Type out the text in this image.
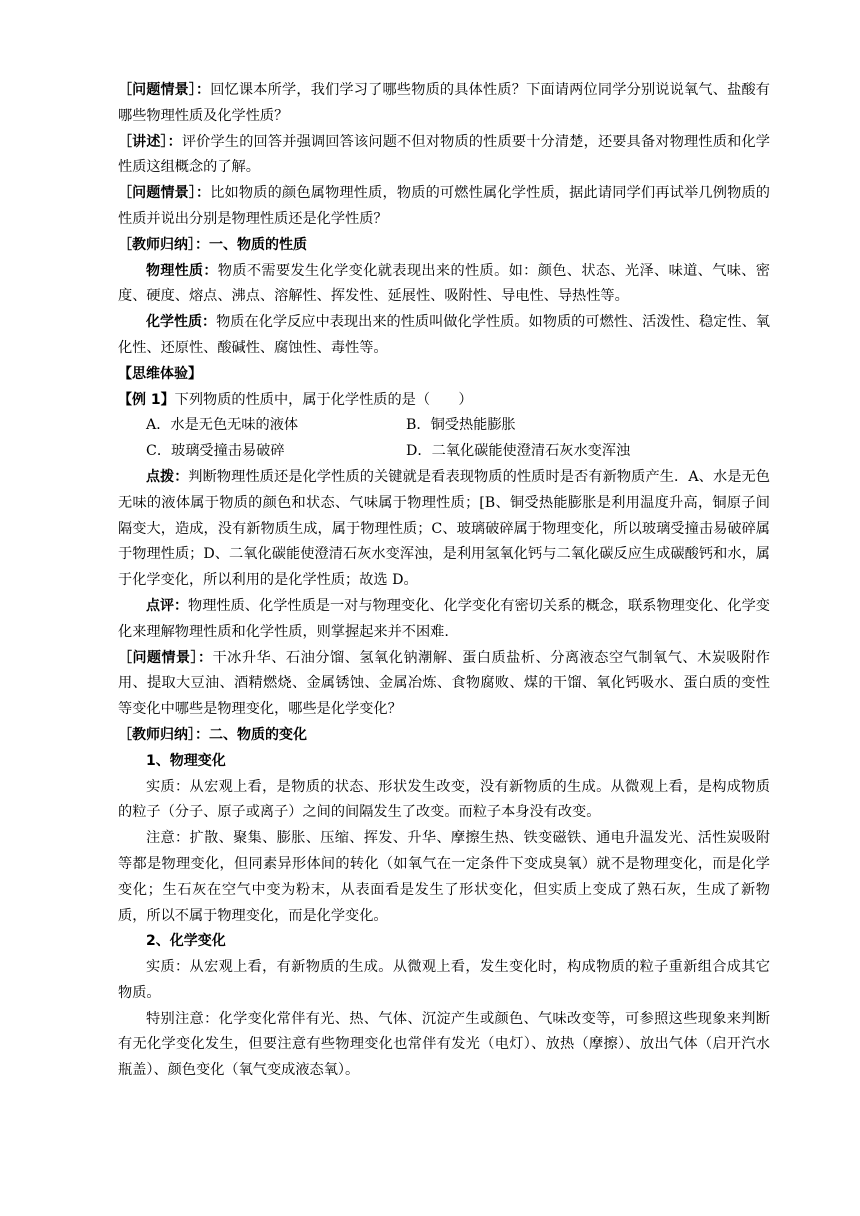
［问题情景］：回忆课本所学，我们学习了哪些物质的具体性质？下面请两位同学分别说说氧气、盐酸有哪些物理性质及化学性质？

［讲述］：评价学生的回答并强调回答该问题不但对物质的性质要十分清楚，还要具备对物理性质和化学性质这组概念的了解。

［问题情景］：比如物质的颜色属物理性质，物质的可燃性属化学性质，据此请同学们再试举几例物质的性质并说出分别是物理性质还是化学性质？

［教师归纳］：一、物质的性质

物理性质：物质不需要发生化学变化就表现出来的性质。如：颜色、状态、光泽、味道、气味、密度、硬度、熔点、沸点、溶解性、挥发性、延展性、吸附性、导电性、导热性等。

化学性质：物质在化学反应中表现出来的性质叫做化学性质。如物质的可燃性、活泼性、稳定性、氧化性、还原性、酸碱性、腐蚀性、毒性等。

【思维体验】

【例 1】下列物质的性质中，属于化学性质的是（　　）

A．水是无色无味的液体	B．铜受热能膨胀
C．玻璃受撞击易破碎	D．二氧化碳能使澄清石灰水变浑浊

点拨：判断物理性质还是化学性质的关键就是看表现物质的性质时是否有新物质产生．A、水是无色无味的液体属于物质的颜色和状态、气味属于物理性质；[B、铜受热能膨胀是利用温度升高，铜原子间隔变大，造成，没有新物质生成，属于物理性质；C、玻璃破碎属于物理变化，所以玻璃受撞击易破碎属于物理性质；D、二氧化碳能使澄清石灰水变浑浊，是利用氢氧化钙与二氧化碳反应生成碳酸钙和水，属于化学变化，所以利用的是化学性质；故选 D。

点评：物理性质、化学性质是一对与物理变化、化学变化有密切关系的概念，联系物理变化、化学变化来理解物理性质和化学性质，则掌握起来并不困难.

［问题情景］：干冰升华、石油分馏、氢氧化钠潮解、蛋白质盐析、分离液态空气制氧气、木炭吸附作用、提取大豆油、酒精燃烧、金属锈蚀、金属冶炼、食物腐败、煤的干馏、氧化钙吸水、蛋白质的变性等变化中哪些是物理变化，哪些是化学变化？

［教师归纳］：二、物质的变化

1、物理变化

实质：从宏观上看，是物质的状态、形状发生改变，没有新物质的生成。从微观上看，是构成物质的粒子（分子、原子或离子）之间的间隔发生了改变。而粒子本身没有改变。

注意：扩散、聚集、膨胀、压缩、挥发、升华、摩擦生热、铁变磁铁、通电升温发光、活性炭吸附等都是物理变化，但同素异形体间的转化（如氧气在一定条件下变成臭氧）就不是物理变化，而是化学变化；生石灰在空气中变为粉末，从表面看是发生了形状变化，但实质上变成了熟石灰，生成了新物质，所以不属于物理变化，而是化学变化。

2、化学变化

实质：从宏观上看，有新物质的生成。从微观上看，发生变化时，构成物质的粒子重新组合成其它物质。

特别注意：化学变化常伴有光、热、气体、沉淀产生或颜色、气味改变等，可参照这些现象来判断有无化学变化发生，但要注意有些物理变化也常伴有发光（电灯）、放热（摩擦）、放出气体（启开汽水瓶盖）、颜色变化（氧气变成液态氧）。
